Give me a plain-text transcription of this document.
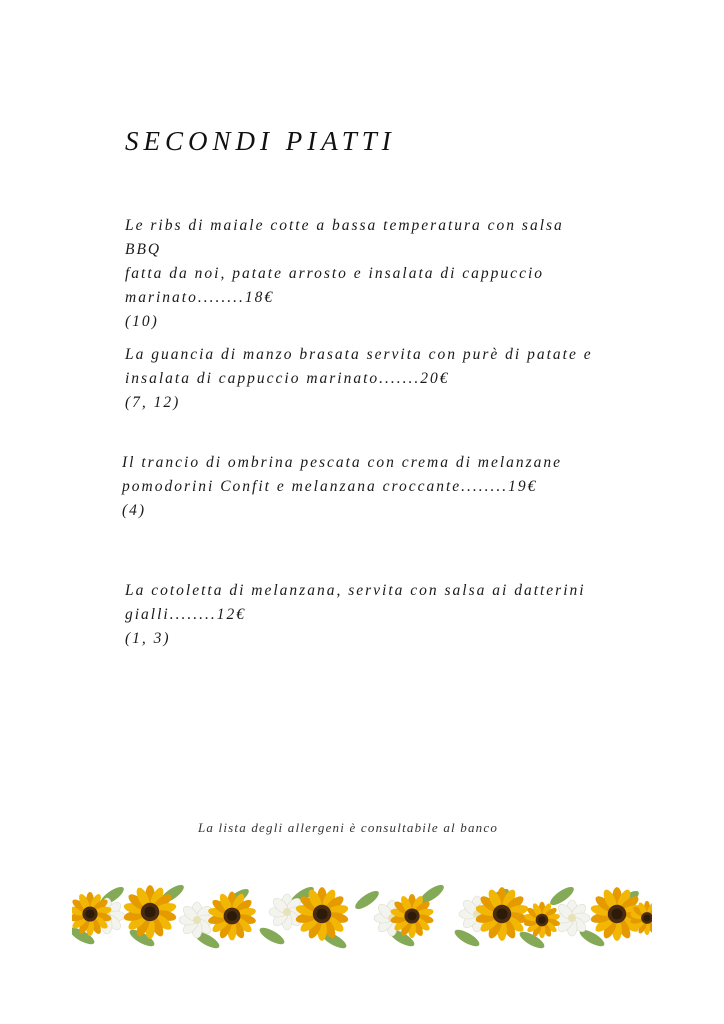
SECONDI PIATTI
Le ribs di maiale cotte a bassa temperatura con salsa BBQ
fatta da noi, patate arrosto e insalata di cappuccio
marinato........18€
(10)
La guancia di manzo brasata servita con purè di patate e
insalata di cappuccio marinato.......20€
(7, 12)
Il trancio di ombrina pescata con crema di melanzane
pomodorini Confit e melanzana croccante........19€
(4)
La cotoletta di melanzana, servita con salsa ai datterini
gialli........12€
(1, 3)
La lista degli allergeni è consultabile al banco
